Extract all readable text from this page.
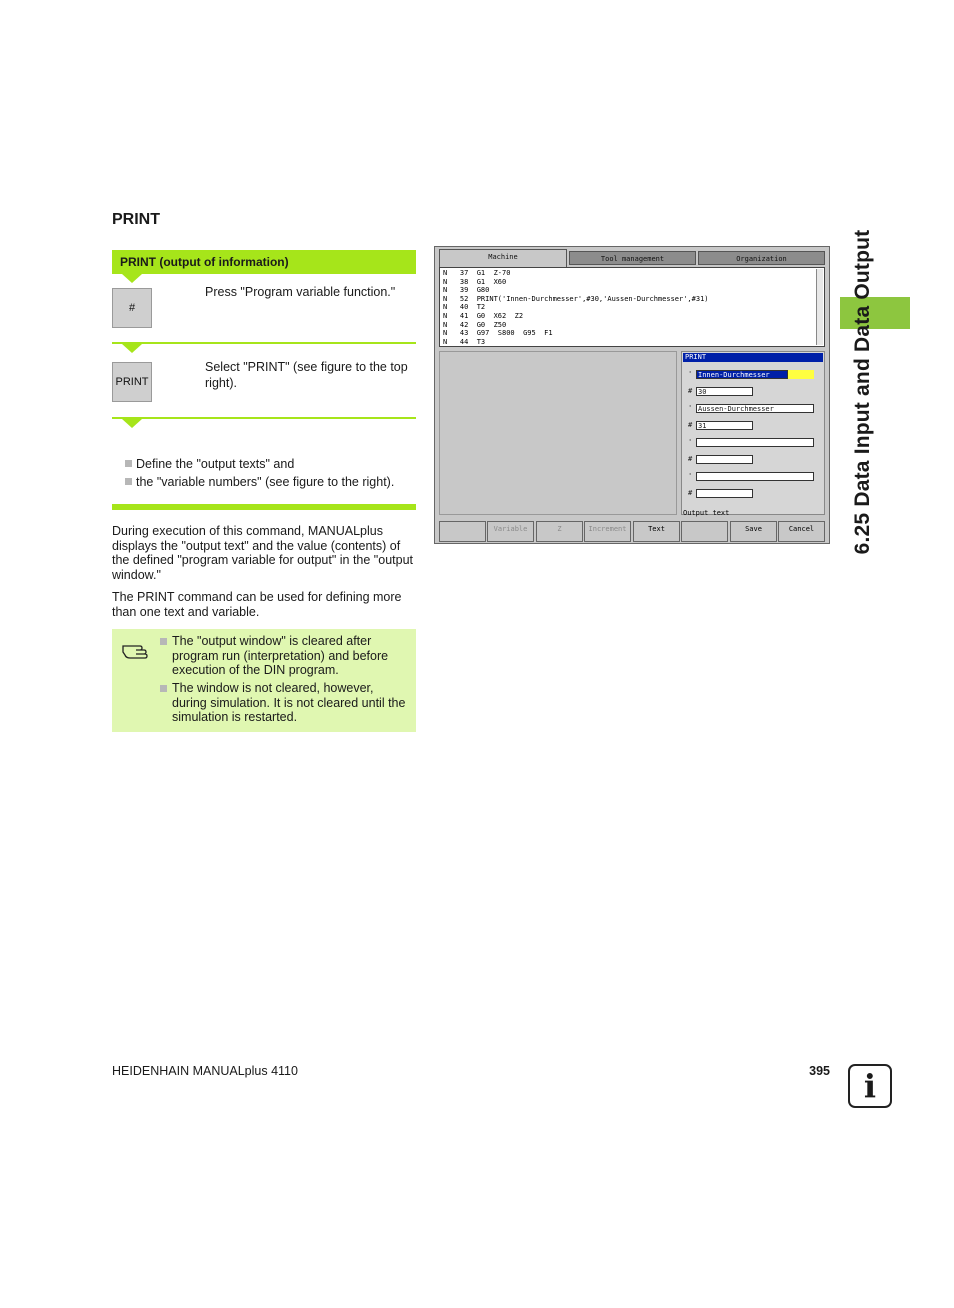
PRINT
PRINT (output of information)
#
Press "Program variable function."
PRINT
Select "PRINT" (see figure to the top right).
Define the "output texts" and
the "variable numbers" (see figure to the right).
During execution of this command, MANUALplus displays the "output text" and the value (contents) of the defined "program variable for output" in the "output window."
The PRINT command can be used for defining more than one text and variable.
The "output window" is cleared after program run (interpretation) and before execution of the DIN program.
The window is not cleared, however, during simulation. It is not cleared until the simulation is restarted.
Machine	Tool management	Organization
N   37  G1  Z-70
N   38  G1  X60
N   39  G80
N   52  PRINT('Innen-Durchmesser',#30,'Aussen-Durchmesser',#31)
N   40  T2
N   41  G0  X62  Z2
N   42  G0  Z50
N   43  G97  S800  G95  F1
N   44  T3
PRINT
' Innen-Durchmesser
# 30
' Aussen-Durchmesser
# 31
'
#
'
#
Output text
Variable	Z	Increment	Text	Save	Cancel	6.25 Data Input and Data Output
HEIDENHAIN MANUALplus 4110	395 i
